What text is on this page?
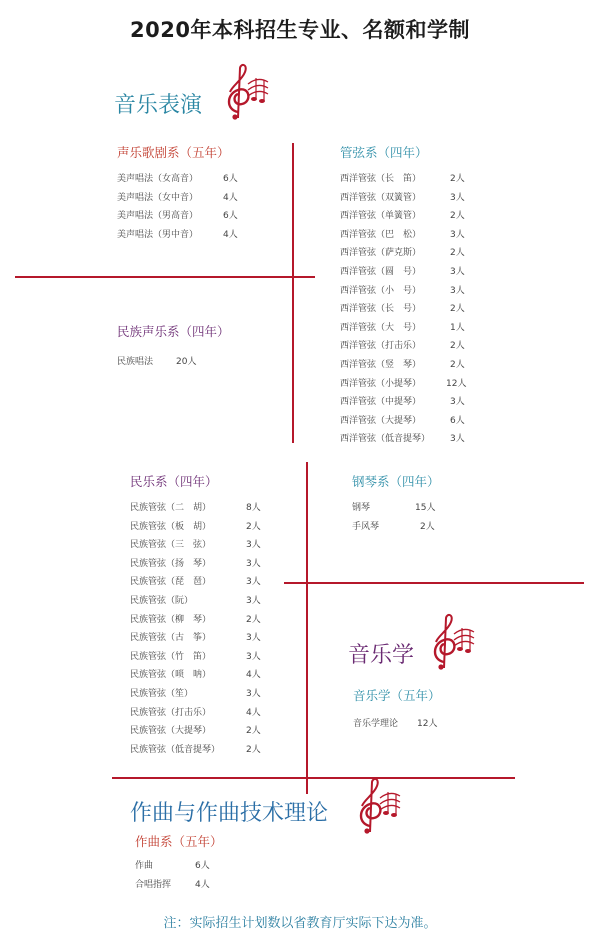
2020年本科招生专业、名额和学制
音乐表演
声乐歌剧系（五年）
美声唱法（女高音）	6人
美声唱法（女中音）	4人
美声唱法（男高音）	6人
美声唱法（男中音）	4人
民族声乐系（四年）
民族唱法	20人
管弦系（四年）
西洋管弦（长　笛）	2人
西洋管弦（双簧管）	3人
西洋管弦（单簧管）	2人
西洋管弦（巴　松）	3人
西洋管弦（萨克斯）	2人
西洋管弦（圆　号）	3人
西洋管弦（小　号）	3人
西洋管弦（长　号）	2人
西洋管弦（大　号）	1人
西洋管弦（打击乐）	2人
西洋管弦（竖　琴）	2人
西洋管弦（小提琴）	12人
西洋管弦（中提琴）	3人
西洋管弦（大提琴）	6人
西洋管弦（低音提琴） 3人
民乐系（四年）
民族管弦（二　胡）	8人
民族管弦（板　胡）	2人
民族管弦（三　弦）	3人
民族管弦（扬　琴）	3人
民族管弦（琵　琶）	3人
民族管弦（阮）	3人
民族管弦（柳　琴）	2人
民族管弦（古　筝）	3人
民族管弦（竹　笛）	3人
民族管弦（唢　呐）	4人
民族管弦（笙）	3人
民族管弦（打击乐）	4人
民族管弦（大提琴）	2人
民族管弦（低音提琴）	2人
钢琴系（四年）
钢琴	15人
手风琴	2人
音乐学
音乐学（五年）
音乐学理论 12人
作曲与作曲技术理论
作曲系（五年）
作曲	6人
合唱指挥	4人
注：实际招生计划数以省教育厅实际下达为准。
